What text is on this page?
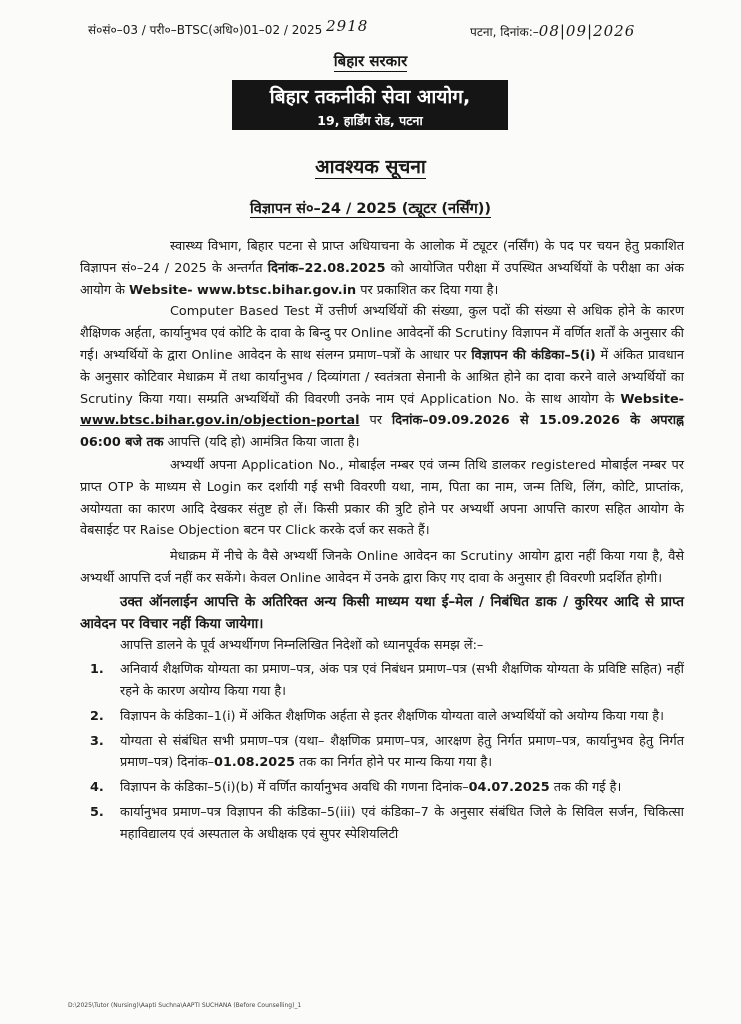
सं०सं०–03 / परी०–BTSC(अधि०)01–02 / 2025 2918	पटना, दिनांक:–08|09|2026
बिहार सरकार
बिहार तकनीकी सेवा आयोग,
19, हार्डिंग रोड, पटना
आवश्यक सूचना
विज्ञापन सं०–24 / 2025 (ट्यूटर (नर्सिंग))

स्वास्थ्य विभाग, बिहार पटना से प्राप्त अधियाचना के आलोक में ट्यूटर (नर्सिंग) के पद पर चयन हेतु प्रकाशित विज्ञापन सं०–24 / 2025 के अन्तर्गत दिनांक–22.08.2025 को आयोजित परीक्षा में उपस्थित अभ्यर्थियों के परीक्षा का अंक आयोग के Website- www.btsc.bihar.gov.in पर प्रकाशित कर दिया गया है।

Computer Based Test में उत्तीर्ण अभ्यर्थियों की संख्या, कुल पदों की संख्या से अधिक होने के कारण शैक्षिणक अर्हता, कार्यानुभव एवं कोटि के दावा के बिन्दु पर Online आवेदनों की Scrutiny विज्ञापन में वर्णित शर्तों के अनुसार की गई। अभ्यर्थियों के द्वारा Online आवेदन के साथ संलग्न प्रमाण–पत्रों के आधार पर विज्ञापन की कंडिका–5(i) में अंकित प्रावधान के अनुसार कोटिवार मेधाक्रम में तथा कार्यानुभव / दिव्यांगता / स्वतंत्रता सेनानी के आश्रित होने का दावा करने वाले अभ्यर्थियों का Scrutiny किया गया। सम्प्रति अभ्यर्थियों की विवरणी उनके नाम एवं Application No. के साथ आयोग के Website- www.btsc.bihar.gov.in/objection-portal पर दिनांक–09.09.2026 से 15.09.2026 के अपराह्न 06:00 बजे तक आपत्ति (यदि हो) आमंत्रित किया जाता है।

अभ्यर्थी अपना Application No., मोबाईल नम्बर एवं जन्म तिथि डालकर registered मोबाईल नम्बर पर प्राप्त OTP के माध्यम से Login कर दर्शायी गई सभी विवरणी यथा, नाम, पिता का नाम, जन्म तिथि, लिंग, कोटि, प्राप्तांक, अयोग्यता का कारण आदि देखकर संतुष्ट हो लें। किसी प्रकार की त्रुटि होने पर अभ्यर्थी अपना आपत्ति कारण सहित आयोग के वेबसाईट पर Raise Objection बटन पर Click करके दर्ज कर सकते हैं।

मेधाक्रम में नीचे के वैसे अभ्यर्थी जिनके Online आवेदन का Scrutiny आयोग द्वारा नहीं किया गया है, वैसे अभ्यर्थी आपत्ति दर्ज नहीं कर सकेंगे। केवल Online आवेदन में उनके द्वारा किए गए दावा के अनुसार ही विवरणी प्रदर्शित होगी।

उक्त ऑनलाईन आपत्ति के अतिरिक्त अन्य किसी माध्यम यथा ई–मेल / निबंधित डाक / कुरियर आदि से प्राप्त आवेदन पर विचार नहीं किया जायेगा।

आपत्ति डालने के पूर्व अभ्यर्थीगण निम्नलिखित निदेशों को ध्यानपूर्वक समझ लें:–

1. अनिवार्य शैक्षणिक योग्यता का प्रमाण–पत्र, अंक पत्र एवं निबंधन प्रमाण–पत्र (सभी शैक्षणिक योग्यता के प्रविष्टि सहित) नहीं रहने के कारण अयोग्य किया गया है।
2. विज्ञापन के कंडिका–1(i) में अंकित शैक्षणिक अर्हता से इतर शैक्षणिक योग्यता वाले अभ्यर्थियों को अयोग्य किया गया है।
3. योग्यता से संबंधित सभी प्रमाण–पत्र (यथा– शैक्षणिक प्रमाण–पत्र, आरक्षण हेतु निर्गत प्रमाण–पत्र, कार्यानुभव हेतु निर्गत प्रमाण–पत्र) दिनांक–01.08.2025 तक का निर्गत होने पर मान्य किया गया है।
4. विज्ञापन के कंडिका–5(i)(b) में वर्णित कार्यानुभव अवधि की गणना दिनांक–04.07.2025 तक की गई है।
5. कार्यानुभव प्रमाण–पत्र विज्ञापन की कंडिका–5(iii) एवं कंडिका–7 के अनुसार संबंधित जिले के सिविल सर्जन, चिकित्सा महाविद्यालय एवं अस्पताल के अधीक्षक एवं सुपर स्पेशियलिटी
D:\2025\Tutor (Nursing)\Aapti Suchna\AAPTI SUCHANA (Before Counselling)_1
